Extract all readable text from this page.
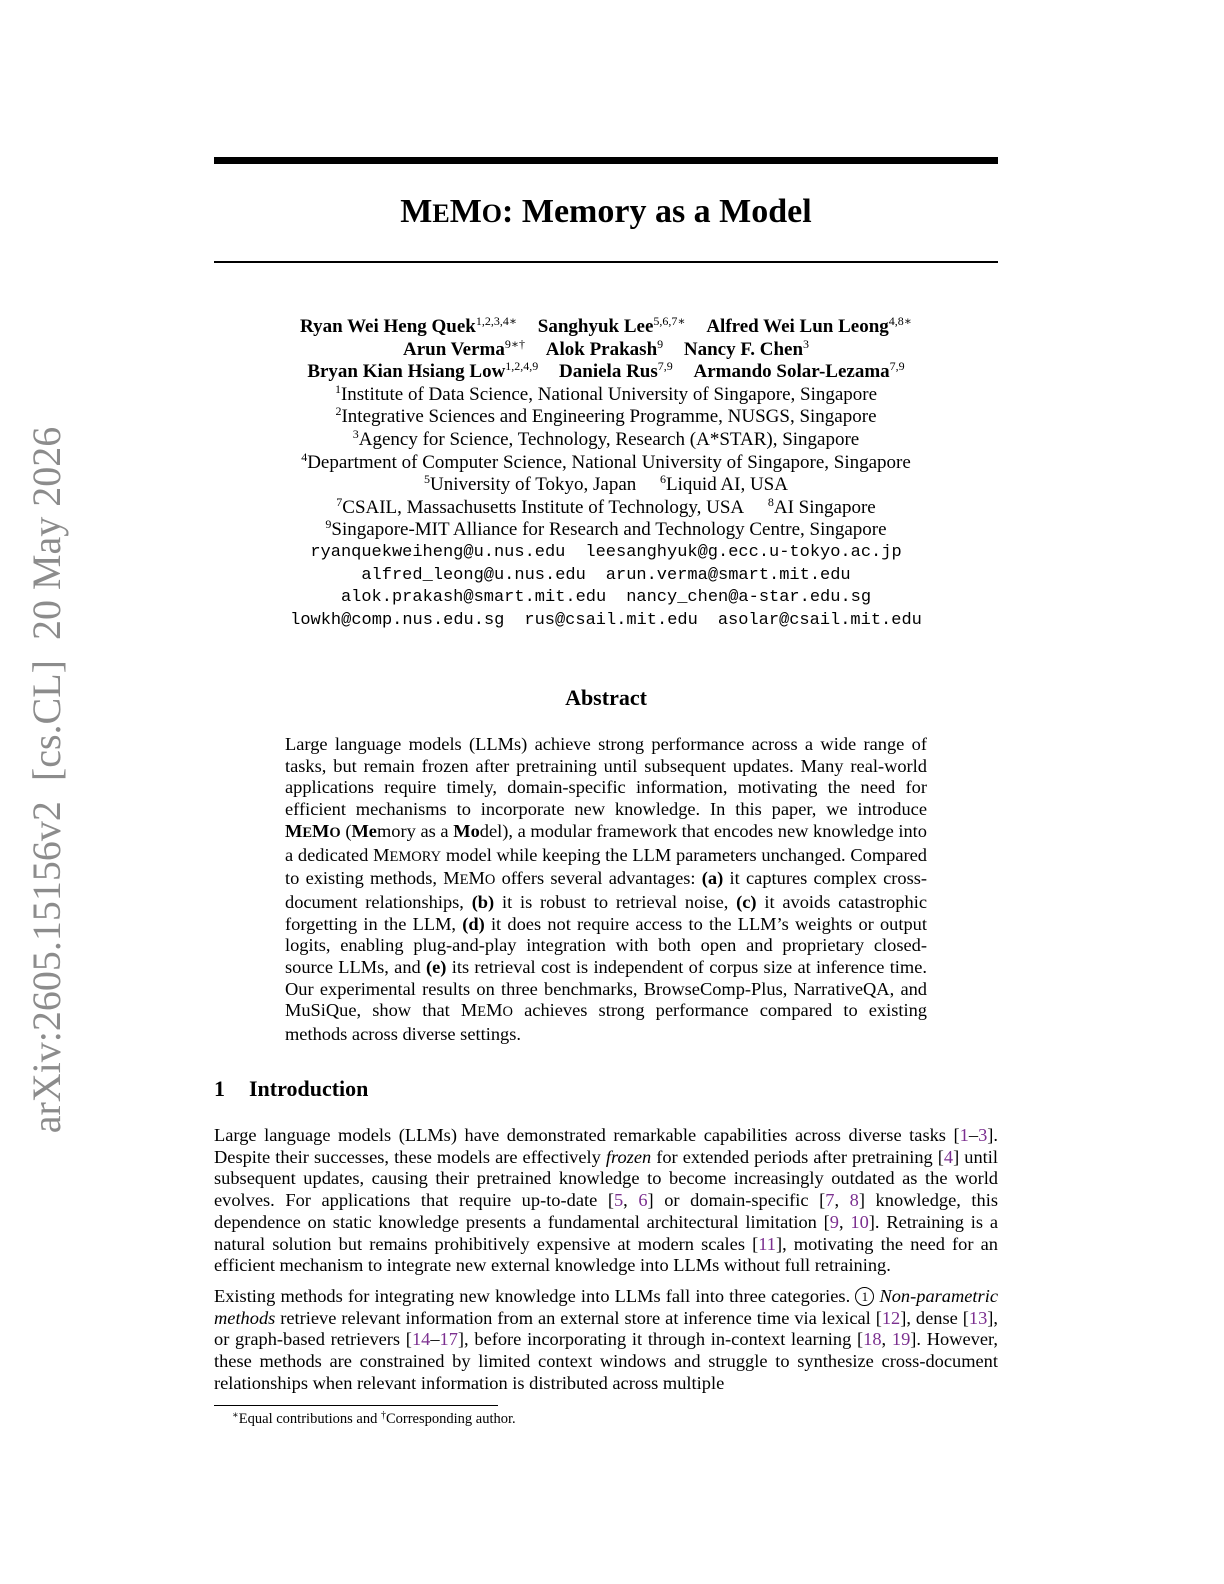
arXiv:2605.15156v2  [cs.CL]  20 May 2026
MEMO: Memory as a Model
Ryan Wei Heng Quek$^{1,2,3,4∗}$ Sanghyuk Lee$^{5,6,7∗}$ Alfred Wei Lun Leong$^{4,8∗}$
Arun Verma$^{9∗\dagger}$ Alok Prakash$^9$ Nancy F. Chen$^3$
Bryan Kian Hsiang Low$^{1,2,4,9}$ Daniela Rus$^{7,9}$ Armando Solar-Lezama$^{7,9}$
$^1$Institute of Data Science, National University of Singapore, Singapore
$^2$Integrative Sciences and Engineering Programme, NUSGS, Singapore
$^3$Agency for Science, Technology, Research (A*STAR), Singapore
$^4$Department of Computer Science, National University of Singapore, Singapore
$^5$University of Tokyo, Japan  $^6$Liquid AI, USA
$^7$CSAIL, Massachusetts Institute of Technology, USA  $^8$AI Singapore
$^9$Singapore-MIT Alliance for Research and Technology Centre, Singapore
ryanquekweiheng@u.nus.edu leesanghyuk@g.ecc.u-tokyo.ac.jp
alfred_leong@u.nus.edu arun.verma@smart.mit.edu
alok.prakash@smart.mit.edu nancy_chen@a-star.edu.sg
lowkh@comp.nus.edu.sg rus@csail.mit.edu asolar@csail.mit.edu
Abstract
Large language models (LLMs) achieve strong performance across a wide range of tasks, but remain frozen after pretraining until subsequent updates. Many real-world applications require timely, domain-specific information, motivating the need for efficient mechanisms to incorporate new knowledge. In this paper, we introduce MEMO (Memory as a Model), a modular framework that encodes new knowledge into a dedicated MEMORY model while keeping the LLM parameters unchanged. Compared to existing methods, MEMO offers several advantages: (a) it captures complex cross-document relationships, (b) it is robust to retrieval noise, (c) it avoids catastrophic forgetting in the LLM, (d) it does not require access to the LLM’s weights or output logits, enabling plug-and-play integration with both open and proprietary closed-source LLMs, and (e) its retrieval cost is independent of corpus size at inference time. Our experimental results on three benchmarks, BrowseComp-Plus, NarrativeQA, and MuSiQue, show that MEMO achieves strong performance compared to existing methods across diverse settings.
1 Introduction

Large language models (LLMs) have demonstrated remarkable capabilities across diverse tasks [1–3]. Despite their successes, these models are effectively frozen for extended periods after pretraining [4] until subsequent updates, causing their pretrained knowledge to become increasingly outdated as the world evolves. For applications that require up-to-date [5, 6] or domain-specific [7, 8] knowledge, this dependence on static knowledge presents a fundamental architectural limitation [9, 10]. Retraining is a natural solution but remains prohibitively expensive at modern scales [11], motivating the need for an efficient mechanism to integrate new external knowledge into LLMs without full retraining.

Existing methods for integrating new knowledge into LLMs fall into three categories. 1 Non-parametric methods retrieve relevant information from an external store at inference time via lexical [12], dense [13], or graph-based retrievers [14–17], before incorporating it through in-context learning [18, 19]. However, these methods are constrained by limited context windows and struggle to synthesize cross-document relationships when relevant information is distributed across multiple

∗Equal contributions and †Corresponding author.
